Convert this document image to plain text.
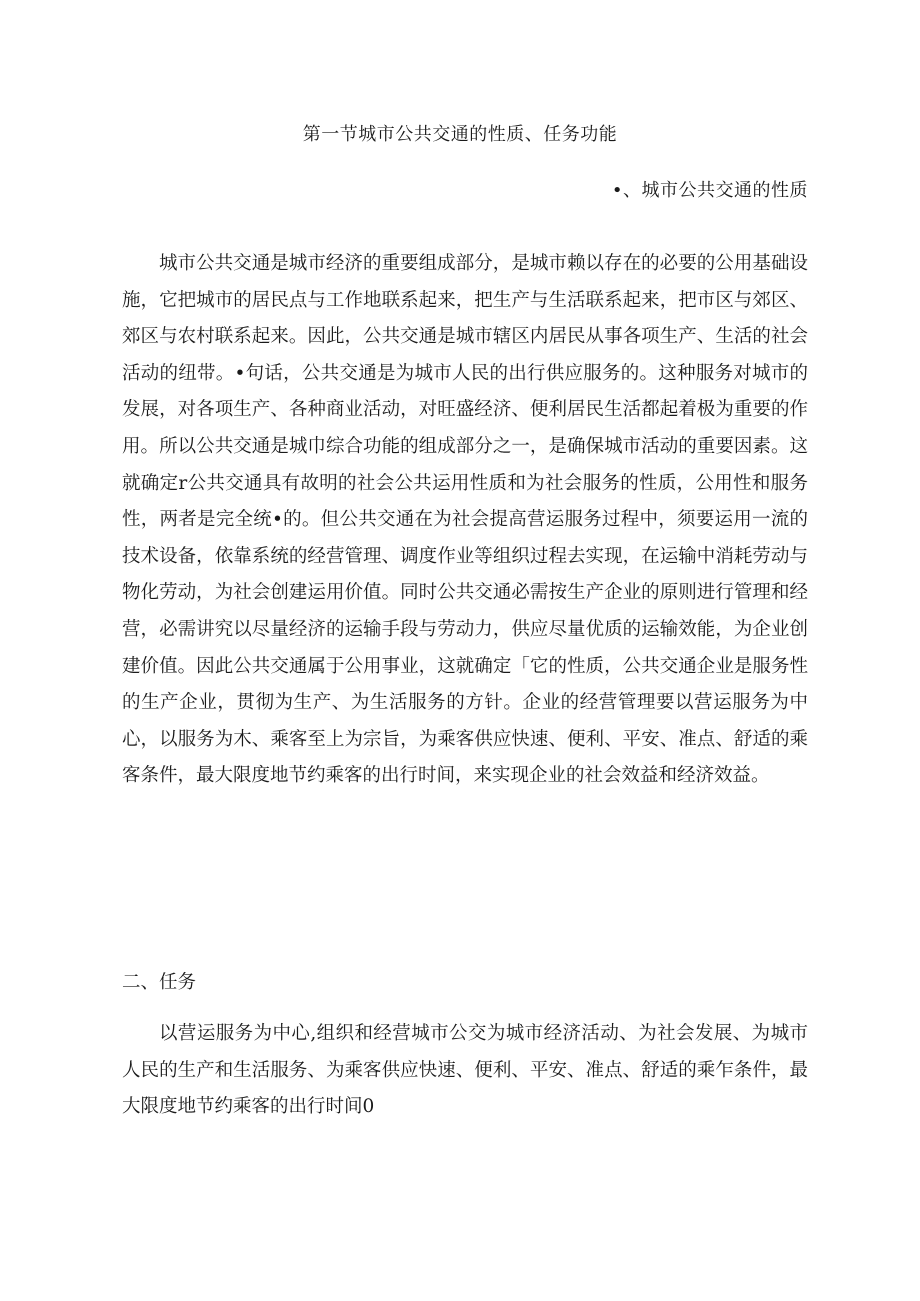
第一节城市公共交通的性质、任务功能
•、城市公共交通的性质

城市公共交通是城市经济的重要组成部分，是城市赖以存在的必要的公用基础设施，它把城市的居民点与工作地联系起来，把生产与生活联系起来，把市区与郊区、郊区与农村联系起来。因此，公共交通是城市辖区内居民从事各项生产、生活的社会活动的纽带。•句话，公共交通是为城市人民的出行供应服务的。这种服务对城市的发展，对各项生产、各种商业活动，对旺盛经济、便利居民生活都起着极为重要的作用。所以公共交通是城巾综合功能的组成部分之一，是确保城市活动的重要因素。这就确定r公共交通具有故明的社会公共运用性质和为社会服务的性质，公用性和服务性，两者是完全统•的。但公共交通在为社会提高营运服务过程中，须要运用一流的技术设备，依靠系统的经营管理、调度作业等组织过程去实现，在运输中消耗劳动与物化劳动，为社会创建运用价值。同时公共交通必需按生产企业的原则进行管理和经营，必需讲究以尽量经济的运输手段与劳动力，供应尽量优质的运输效能，为企业创建价值。因此公共交通属于公用事业，这就确定「它的性质，公共交通企业是服务性的生产企业，贯彻为生产、为生活服务的方针。企业的经营管理要以营运服务为中心，以服务为木、乘客至上为宗旨，为乘客供应快速、便利、平安、准点、舒适的乘客条件，最大限度地节约乘客的出行时间，来实现企业的社会效益和经济效益。

二、任务

以营运服务为中心,组织和经营城市公交为城市经济活动、为社会发展、为城市人民的生产和生活服务、为乘客供应快速、便利、平安、准点、舒适的乘乍条件，最大限度地节约乘客的出行时间0
